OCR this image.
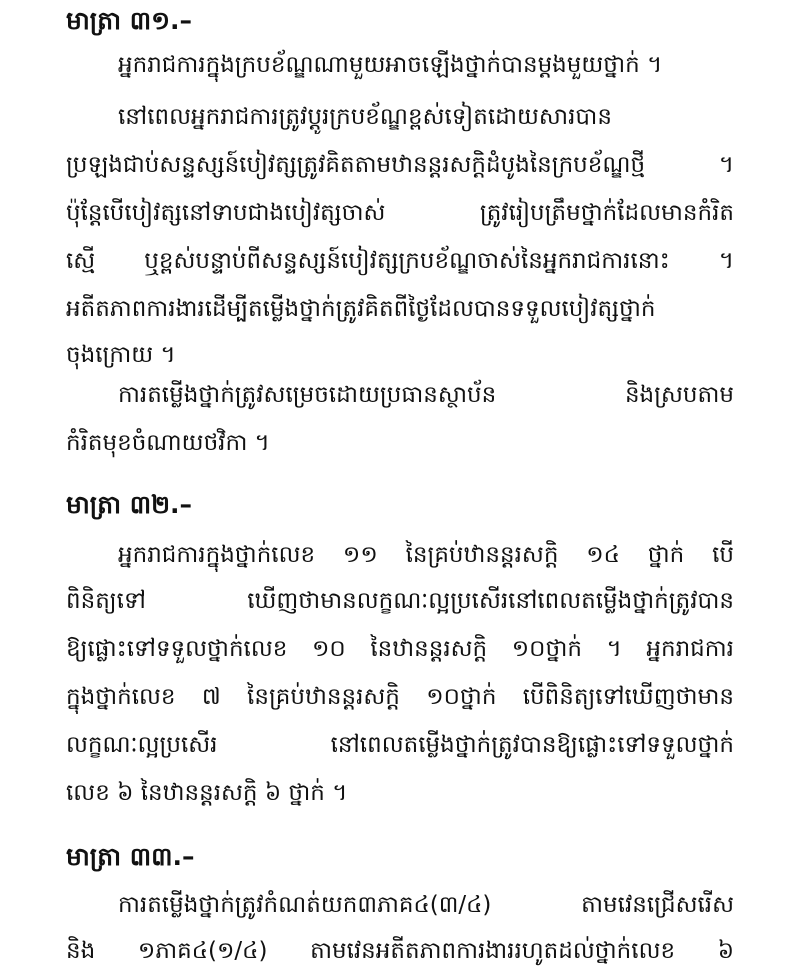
មាត្រា ៣១.–
អ្នករាជការក្នុងក្របខ័ណ្ឌណាមួយអាចឡើងថ្នាក់បានម្ដងមួយថ្នាក់ ។
នៅពេលអ្នករាជការត្រូវប្ដូរក្របខ័ណ្ឌខ្ពស់ទៀតដោយសារបាន
ប្រឡងជាប់សន្ទស្សន៍បៀវត្សត្រូវគិតតាមឋានន្តរសក្ដិដំបូងនៃក្របខ័ណ្ឌថ្មី ។
ប៉ុន្តែបើបៀវត្សនៅទាបជាងបៀវត្សចាស់ ត្រូវរៀបត្រឹមថ្នាក់ដែលមានកំរិត
ស្មើ ឬខ្ពស់បន្ទាប់ពីសន្ទស្សន៍បៀវត្សក្របខ័ណ្ឌចាស់នៃអ្នករាជការនោះ ។
អតីតភាពការងារដើម្បីតម្លើងថ្នាក់ត្រូវគិតពីថ្ងៃដែលបានទទួលបៀវត្សថ្នាក់
ចុងក្រោយ ។
ការតម្លើងថ្នាក់ត្រូវសម្រេចដោយប្រធានស្ថាប័ន និងស្របតាម
កំរិតមុខចំណាយថវិកា ។
មាត្រា ៣២.–
អ្នករាជការក្នុងថ្នាក់លេខ ១១ នៃគ្រប់ឋានន្តរសក្ដិ ១៤ ថ្នាក់ បើ
ពិនិត្យទៅ ឃើញថាមានលក្ខណៈល្អប្រសើរនៅពេលតម្លើងថ្នាក់ត្រូវបាន
ឱ្យផ្លោះទៅទទួលថ្នាក់លេខ ១០ នៃឋានន្តរសក្ដិ ១០ថ្នាក់ ។ អ្នករាជការ
ក្នុងថ្នាក់លេខ ៧ នៃគ្រប់ឋានន្តរសក្ដិ ១០ថ្នាក់ បើពិនិត្យទៅឃើញថាមាន
លក្ខណៈល្អប្រសើរ នៅពេលតម្លើងថ្នាក់ត្រូវបានឱ្យផ្លោះទៅទទួលថ្នាក់
លេខ ៦ នៃឋានន្តរសក្ដិ ៦ ថ្នាក់ ។
មាត្រា ៣៣.–
ការតម្លើងថ្នាក់ត្រូវកំណត់យក៣ភាគ៤(៣/៤) តាមវេនជ្រើសរើស
និង ១ភាគ៤(១/៤) តាមវេនអតីតភាពការងាររហូតដល់ថ្នាក់លេខ ៦
